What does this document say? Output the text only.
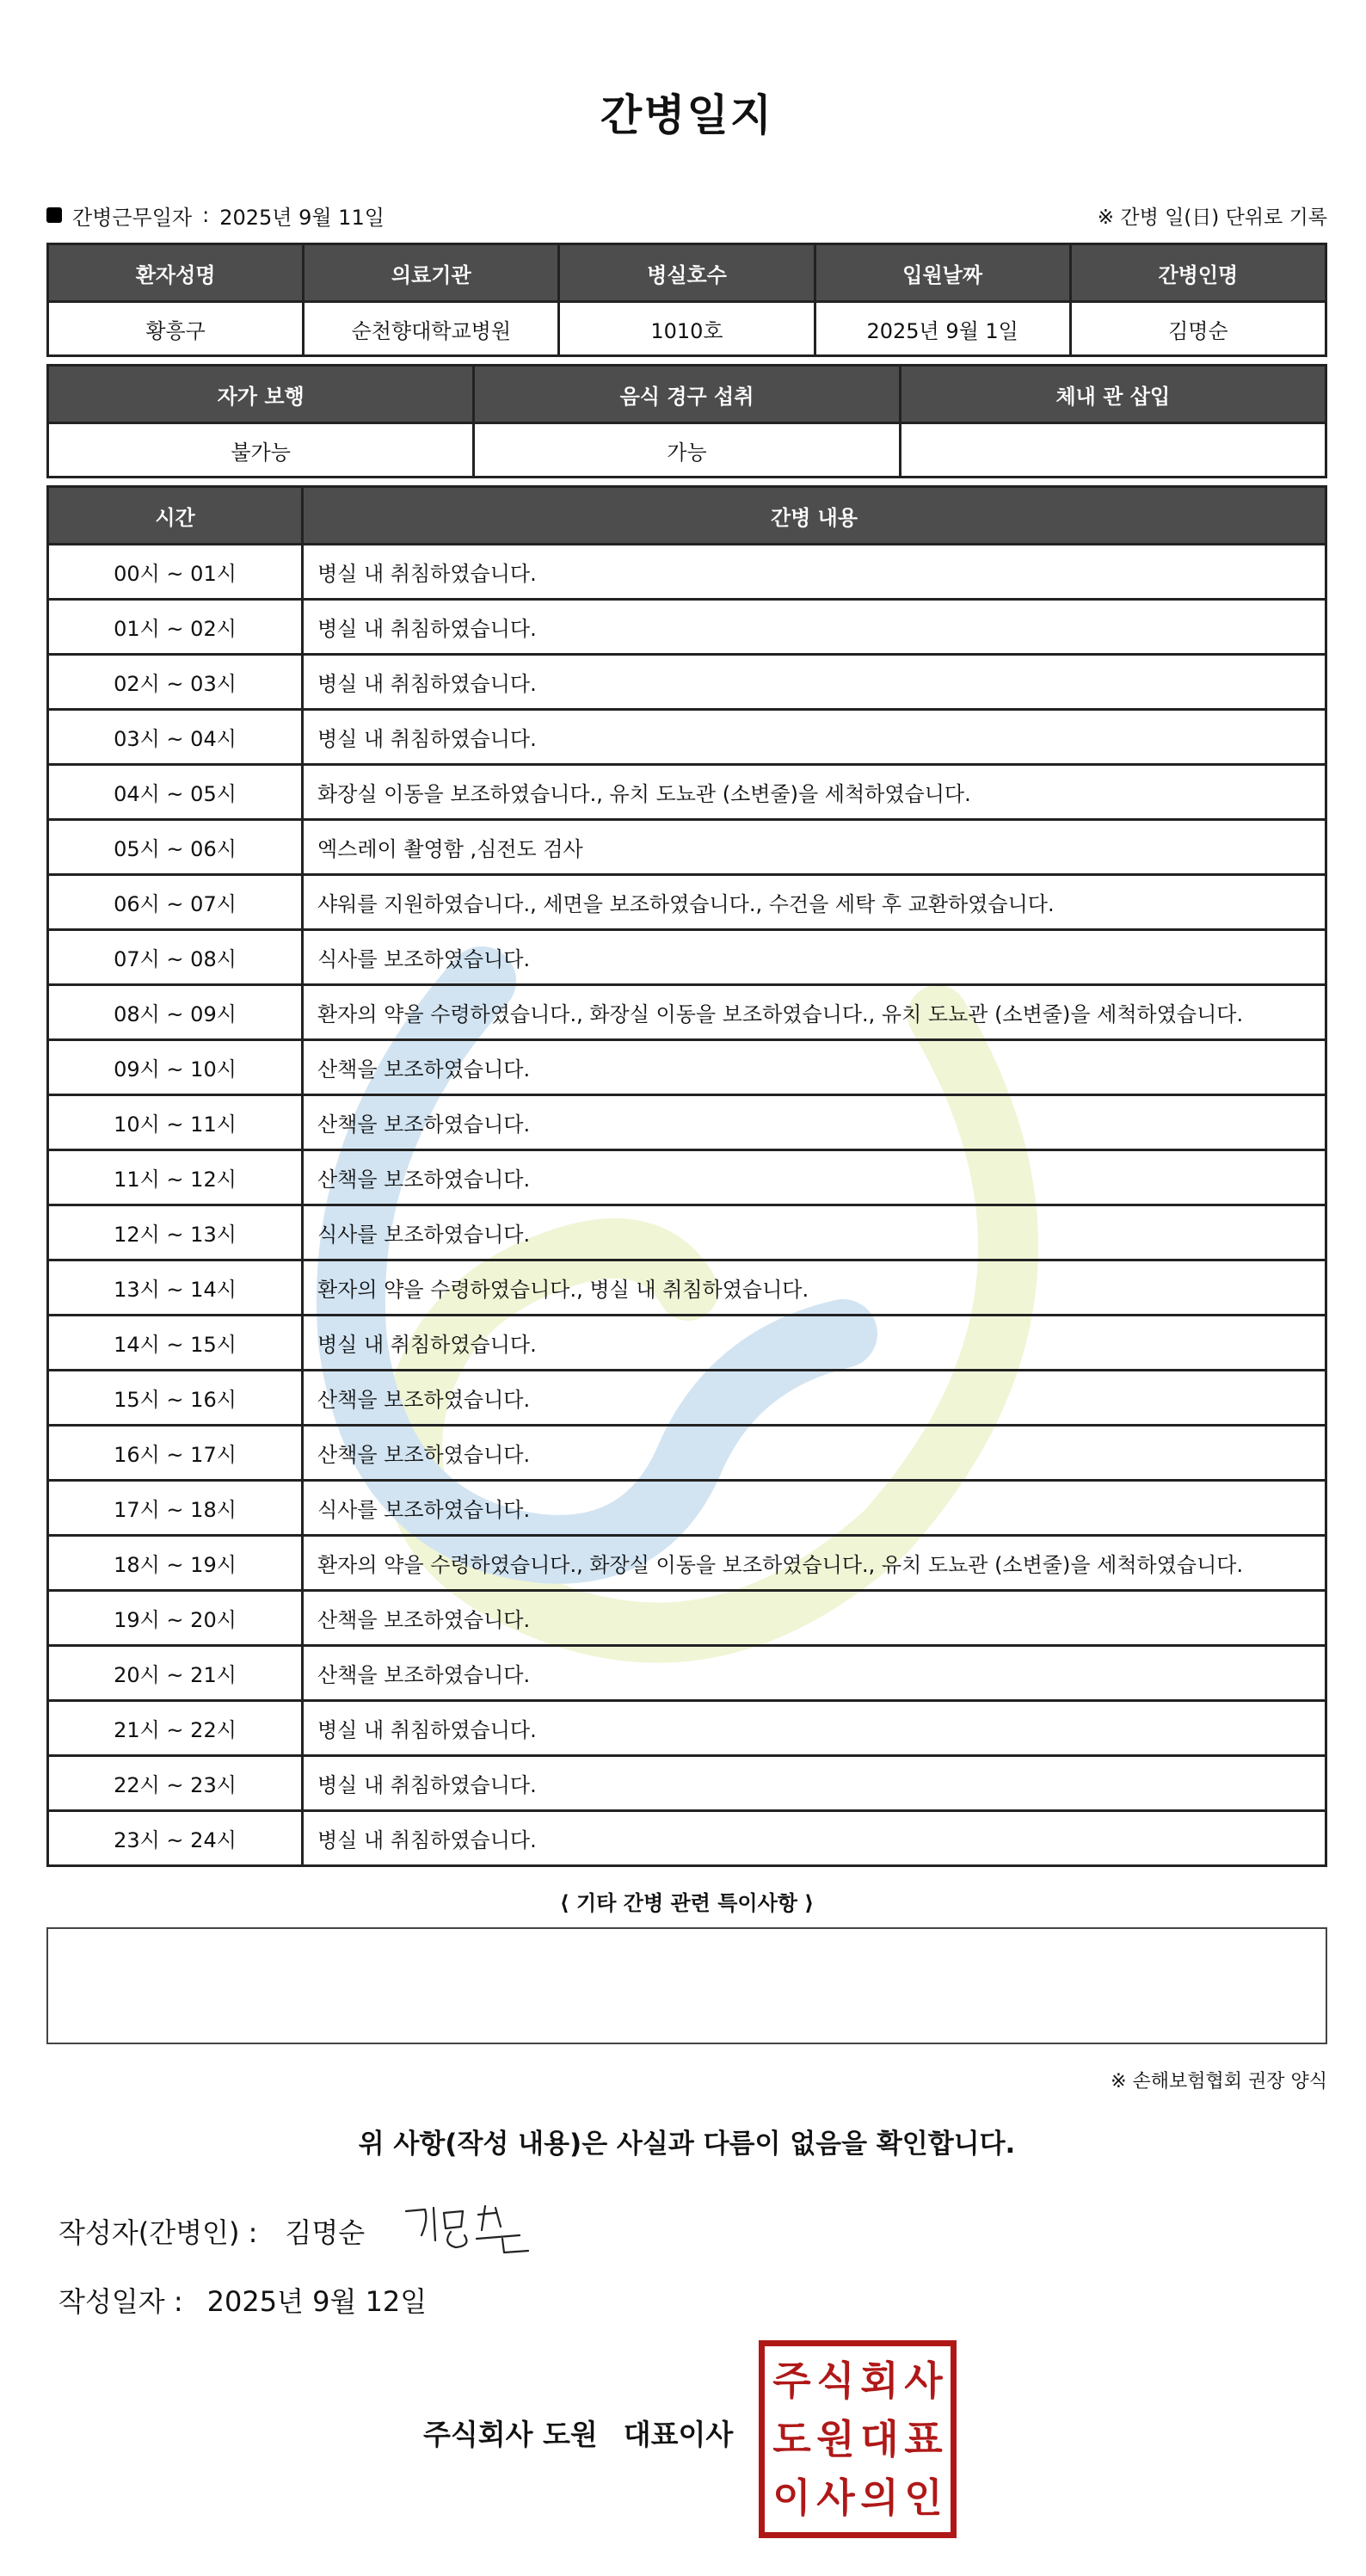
간병일지
간병근무일자 : 2025년 9월 11일	※ 간병 일(日) 단위로 기록
환자성명	의료기관	병실호수	입원날짜	간병인명
황흥구	순천향대학교병원	1010호	2025년 9월 1일	김명순
자가 보행	음식 경구 섭취	체내 관 삽입
불가능	가능	
시간	간병 내용
00시 ~ 01시	병실 내 취침하였습니다.
01시 ~ 02시	병실 내 취침하였습니다.
02시 ~ 03시	병실 내 취침하였습니다.
03시 ~ 04시	병실 내 취침하였습니다.
04시 ~ 05시	화장실 이동을 보조하였습니다., 유치 도뇨관 (소변줄)을 세척하였습니다.
05시 ~ 06시	엑스레이 촬영함 ,심전도 검사
06시 ~ 07시	샤워를 지원하였습니다., 세면을 보조하였습니다., 수건을 세탁 후 교환하였습니다.
07시 ~ 08시	식사를 보조하였습니다.
08시 ~ 09시	환자의 약을 수령하였습니다., 화장실 이동을 보조하였습니다., 유치 도뇨관 (소변줄)을 세척하였습니다.
09시 ~ 10시	산책을 보조하였습니다.
10시 ~ 11시	산책을 보조하였습니다.
11시 ~ 12시	산책을 보조하였습니다.
12시 ~ 13시	식사를 보조하였습니다.
13시 ~ 14시	환자의 약을 수령하였습니다., 병실 내 취침하였습니다.
14시 ~ 15시	병실 내 취침하였습니다.
15시 ~ 16시	산책을 보조하였습니다.
16시 ~ 17시	산책을 보조하였습니다.
17시 ~ 18시	식사를 보조하였습니다.
18시 ~ 19시	환자의 약을 수령하였습니다., 화장실 이동을 보조하였습니다., 유치 도뇨관 (소변줄)을 세척하였습니다.
19시 ~ 20시	산책을 보조하였습니다.
20시 ~ 21시	산책을 보조하였습니다.
21시 ~ 22시	병실 내 취침하였습니다.
22시 ~ 23시	병실 내 취침하였습니다.
23시 ~ 24시	병실 내 취침하였습니다.
⟨ 기타 간병 관련 특이사항 ⟩
※ 손해보험협회 권장 양식
위 사항(작성 내용)은 사실과 다름이 없음을 확인합니다.
작성자(간병인) : 김명순
작성일자 : 2025년 9월 12일
주식회사 도원 대표이사
주 식 회 사
도 원 대 표
이 사 의 인
